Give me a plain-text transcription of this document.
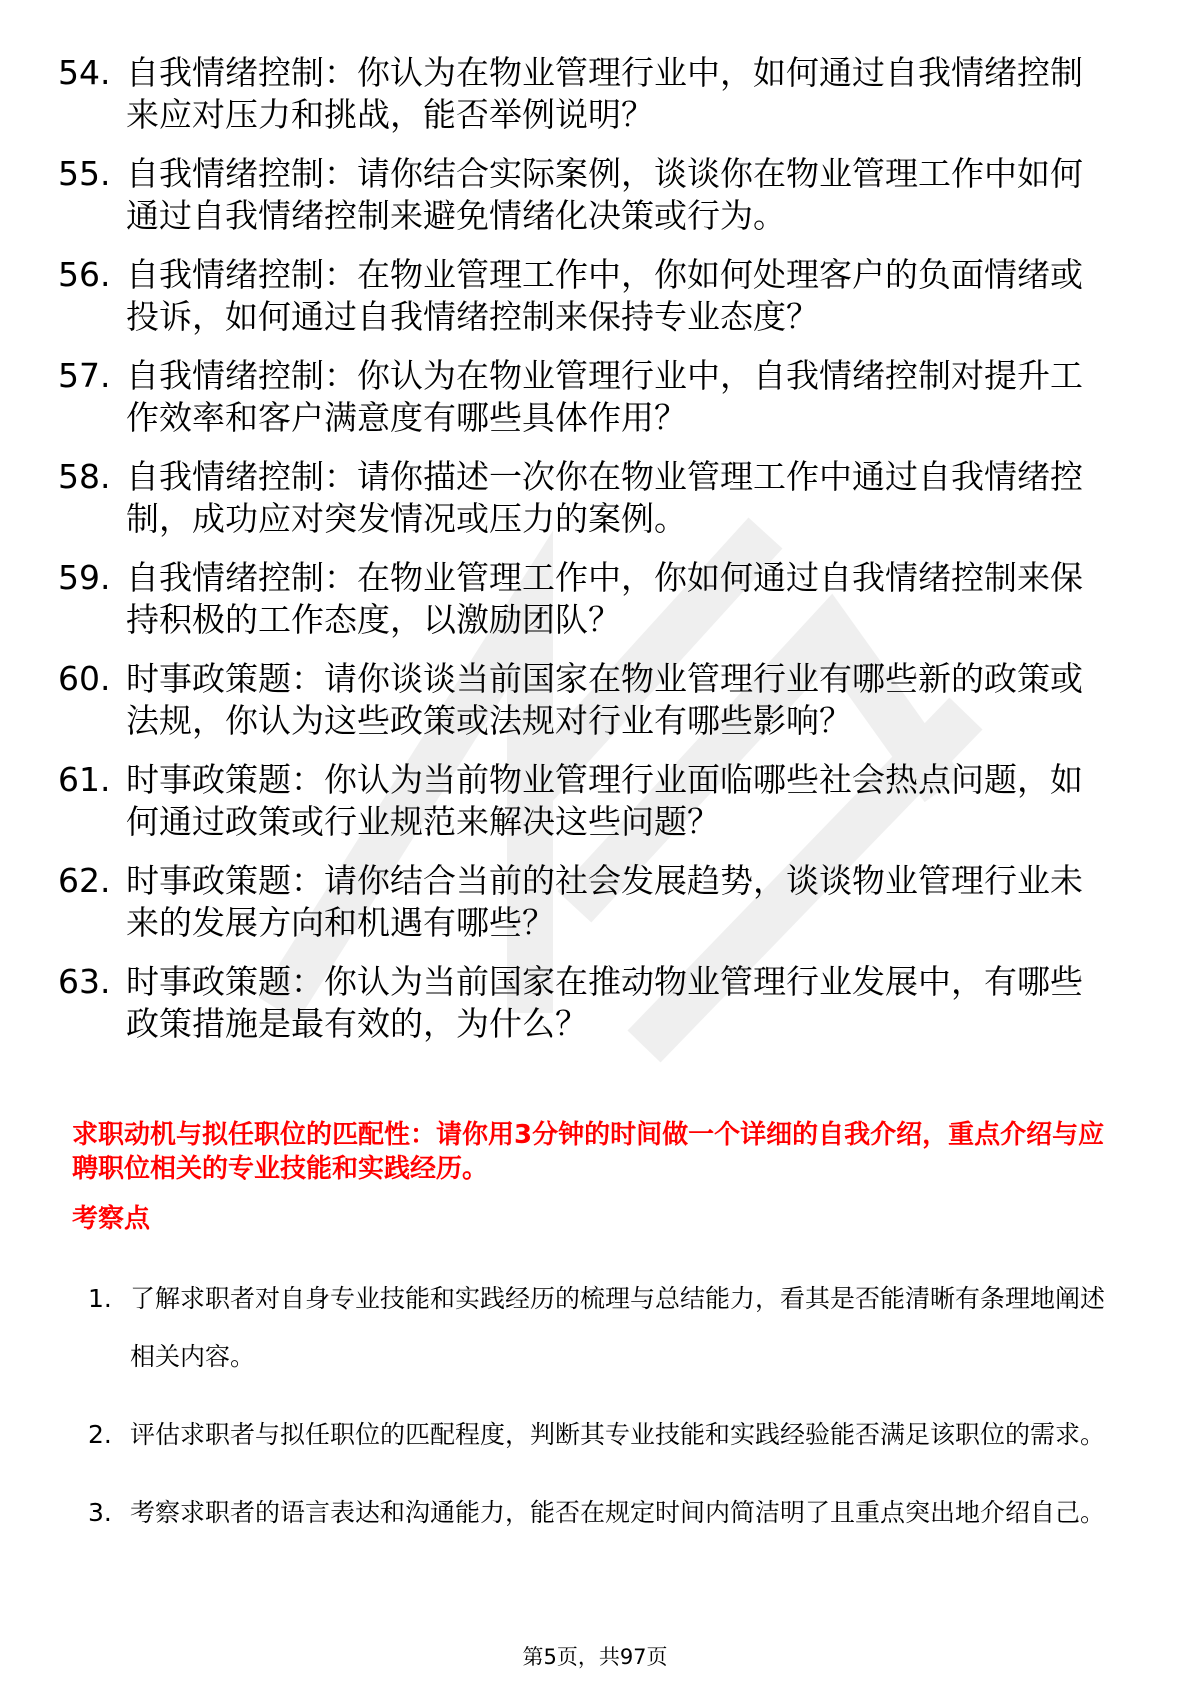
54. 自我情绪控制：你认为在物业管理行业中，如何通过自我情绪控制来应对压力和挑战，能否举例说明？
55. 自我情绪控制：请你结合实际案例，谈谈你在物业管理工作中如何通过自我情绪控制来避免情绪化决策或行为。
56. 自我情绪控制：在物业管理工作中，你如何处理客户的负面情绪或投诉，如何通过自我情绪控制来保持专业态度？
57. 自我情绪控制：你认为在物业管理行业中，自我情绪控制对提升工作效率和客户满意度有哪些具体作用？
58. 自我情绪控制：请你描述一次你在物业管理工作中通过自我情绪控制，成功应对突发情况或压力的案例。
59. 自我情绪控制：在物业管理工作中，你如何通过自我情绪控制来保持积极的工作态度，以激励团队？
60. 时事政策题：请你谈谈当前国家在物业管理行业有哪些新的政策或法规，你认为这些政策或法规对行业有哪些影响？
61. 时事政策题：你认为当前物业管理行业面临哪些社会热点问题，如何通过政策或行业规范来解决这些问题？
62. 时事政策题：请你结合当前的社会发展趋势，谈谈物业管理行业未来的发展方向和机遇有哪些？
63. 时事政策题：你认为当前国家在推动物业管理行业发展中，有哪些政策措施是最有效的，为什么？
求职动机与拟任职位的匹配性：请你用3分钟的时间做一个详细的自我介绍，重点介绍与应聘职位相关的专业技能和实践经历。
考察点
1. 了解求职者对自身专业技能和实践经历的梳理与总结能力，看其是否能清晰有条理地阐述相关内容。
2. 评估求职者与拟任职位的匹配程度，判断其专业技能和实践经验能否满足该职位的需求。
3. 考察求职者的语言表达和沟通能力，能否在规定时间内简洁明了且重点突出地介绍自己。
第5页，共97页
